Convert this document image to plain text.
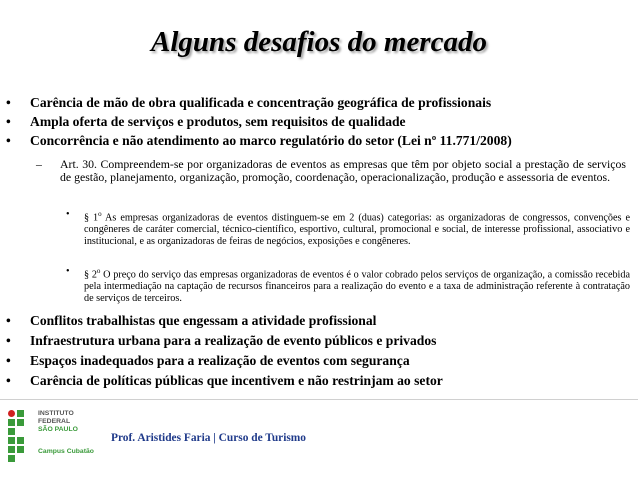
Alguns desafios do mercado
• Carência de mão de obra qualificada e concentração geográfica de profissionais
• Ampla oferta de serviços e produtos, sem requisitos de qualidade
• Concorrência e não atendimento ao marco regulatório do setor (Lei nº 11.771/2008)
– Art. 30. Compreendem-se por organizadoras de eventos as empresas que têm por objeto social a prestação de serviços de gestão, planejamento, organização, promoção, coordenação, operacionalização, produção e assessoria de eventos.
• § 1$^o$ As empresas organizadoras de eventos distinguem-se em 2 (duas) categorias: as organizadoras de congressos, convenções e congêneres de caráter comercial, técnico-científico, esportivo, cultural, promocional e social, de interesse profissional, associativo e institucional, e as organizadoras de feiras de negócios, exposições e congêneres.
• § 2$^o$ O preço do serviço das empresas organizadoras de eventos é o valor cobrado pelos serviços de organização, a comissão recebida pela intermediação na captação de recursos financeiros para a realização do evento e a taxa de administração referente à contratação de serviços de terceiros.
• Conflitos trabalhistas que engessam a atividade profissional
• Infraestrutura urbana para a realização de evento públicos e privados
• Espaços inadequados para a realização de eventos com segurança
• Carência de políticas públicas que incentivem e não restrinjam ao setor
INSTITUTO FEDERAL
SÃO PAULO
Campus Cubatão
Prof. Aristides Faria | Curso de Turismo
